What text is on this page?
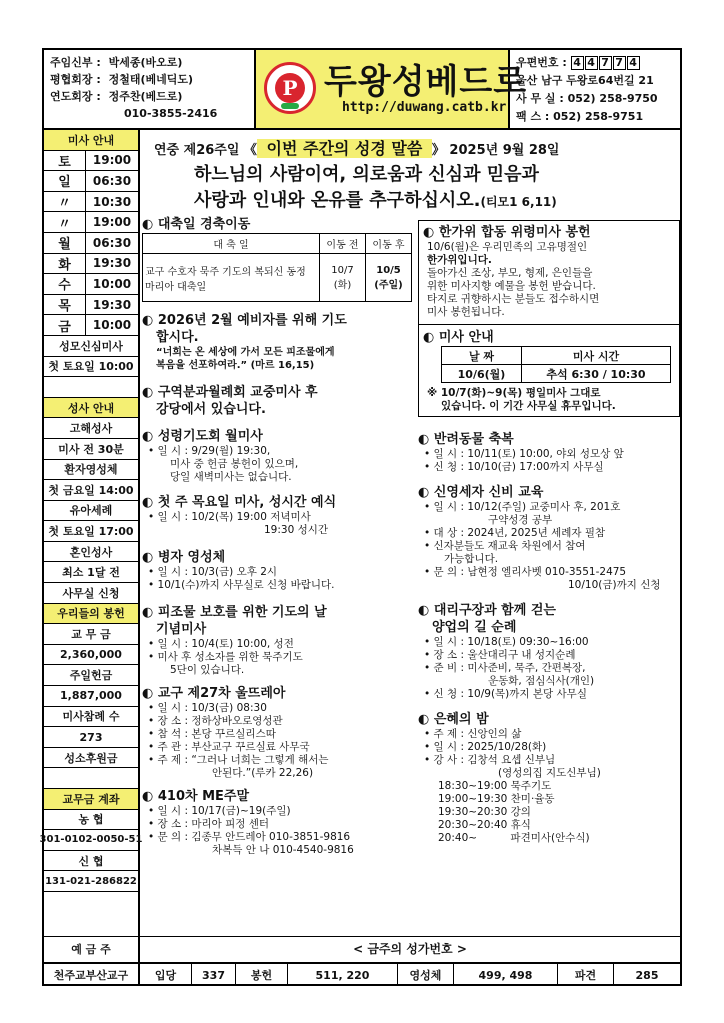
주임신부 : 박세종(바오로)
평협회장 : 정철태(베네딕도)
연도회장 : 정주찬(베드로)
010-3855-2416
P 두왕성베드로
http://duwang.catb.kr
우편번호 : 4 4 7 7 4
울산 남구 두왕로64번길 21
사 무 실 : 052) 258-9750
팩 스 : 052) 258-9751
미사 안내
토	19:00
일	06:30
〃	10:30
〃	19:00
월	06:30
화	19:30
수	10:00
목	19:30
금	10:00
성모신심미사
첫 토요일 10:00
성사 안내
고해성사
미사 전 30분
환자영성체
첫 금요일 14:00
유아세례
첫 토요일 17:00
혼인성사
최소 1달 전
사무실 신청
우리들의 봉헌
교 무 금
2,360,000
주일헌금
1,887,000
미사참례 수
273
성소후원금
교무금 계좌
농 협
301-0102-0050-51
신 협
131-021-286822
연중 제26주일 《 이번 주간의 성경 말씀 》 2025년 9월 28일
하느님의 사람이여, 의로움과 신심과 믿음과
사랑과 인내와 온유를 추구하십시오.(티모1 6,11)
◐ 대축일 경축이동
대 축 일	이동 전	이동 후
교구 수호자 묵주 기도의 복되신 동정 마리아 대축일	10/7 (화)	10/5 (주일)
◐ 2026년 2월 예비자를 위해 기도
합시다.
“너희는 온 세상에 가서 모든 피조물에게
복음을 선포하여라.” (마르 16,15)
◐ 구역분과월례회 교중미사 후
강당에서 있습니다.
◐ 성령기도회 월미사
• 일 시 : 9/29(월) 19:30,
미사 중 헌금 봉헌이 있으며,
당일 새벽미사는 없습니다.
◐ 첫 주 목요일 미사, 성시간 예식
• 일 시 : 10/2(목) 19:00 저녁미사
19:30 성시간
◐ 병자 영성체
• 일 시 : 10/3(금) 오후 2시
• 10/1(수)까지 사무실로 신청 바랍니다.
◐ 피조물 보호를 위한 기도의 날
기념미사
• 일 시 : 10/4(토) 10:00, 성전
• 미사 후 성소자를 위한 묵주기도
5단이 있습니다.
◐ 교구 제27차 울뜨레아
• 일 시 : 10/3(금) 08:30
• 장 소 : 정하상바오로영성관
• 참 석 : 본당 꾸르실리스따
• 주 관 : 부산교구 꾸르실료 사무국
• 주 제 : “그러나 너희는 그렇게 해서는
안된다.”(루카 22,26)
◐ 410차 ME주말
• 일 시 : 10/17(금)~19(주일)
• 장 소 : 마리아 피정 센터
• 문 의 : 김종무 안드레아 010-3851-9816
차복득 안 나 010-4540-9816
◐ 한가위 합동 위령미사 봉헌
10/6(월)은 우리민족의 고유명절인
한가위입니다.
돌아가신 조상, 부모, 형제, 은인들을
위한 미사지향 예물을 봉헌 받습니다.
타지로 귀향하시는 분들도 접수하시면
미사 봉헌됩니다.
◐ 미사 안내
날 짜	미사 시간
10/6(월)	추석 6:30 / 10:30
※ 10/7(화)~9(목) 평일미사 그대로
있습니다. 이 기간 사무실 휴무입니다.
◐ 반려동물 축복
• 일 시 : 10/11(토) 10:00, 야외 성모상 앞
• 신 청 : 10/10(금) 17:00까지 사무실
◐ 신영세자 신비 교육
• 일 시 : 10/12(주일) 교중미사 후, 201호
구약성경 공부
• 대 상 : 2024년, 2025년 세례자 필참
• 신자분들도 재교육 차원에서 참여
가능합니다.
• 문 의 : 남현정 엘리사벳 010-3551-2475
10/10(금)까지 신청
◐ 대리구장과 함께 걷는
양업의 길 순례
• 일 시 : 10/18(토) 09:30~16:00
• 장 소 : 울산대리구 내 성지순례
• 준 비 : 미사준비, 묵주, 간편복장,
운동화, 점심식사(개인)
• 신 청 : 10/9(목)까지 본당 사무실
◐ 은혜의 밤
• 주 제 : 신앙인의 삶
• 일 시 : 2025/10/28(화)
• 강 사 : 김창석 요셉 신부님
(영성의집 지도신부님)
18:30~19:00 묵주기도
19:00~19:30 찬미·율동
19:30~20:30 강의
20:30~20:40 휴식
20:40~          파견미사(안수식)
예 금 주	< 금주의 성가번호 >
천주교부산교구	입당	337	봉헌	511, 220	영성체	499, 498	파견	285
